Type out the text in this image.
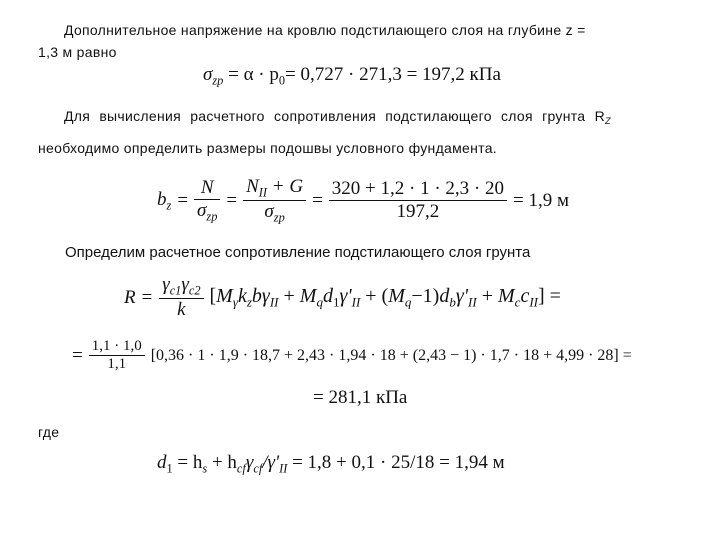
Дополнительное напряжение на кровлю подстилающего слоя на глубине z =
1,3 м равно
$\sigma_{zp} = \alpha \cdot p_0= 0,727 \cdot 271,3 = 197,2$ кПа
Для вычисления расчетного сопротивления подстилающего слоя грунта $R_Z$
необходимо определить размеры подошвы условного фундамента.
$b_z = \frac{N}{\sigma_{zp}} = \frac{N_{II} + G}{\sigma_{zp}} = \frac{320 + 1,2 \cdot 1 \cdot 2,3 \cdot 20}{197,2} = 1,9$ м
Определим расчетное сопротивление подстилающего слоя грунта
$R = \frac{\gamma_{c1}\gamma_{c2}}{k} [M_\gamma k_zb\gamma_{II} + M_qd_1\gamma'_{II} + (M_q-1)d_b\gamma'_{II} + M_cc_{II}]$ =
= $\frac{1,1 \cdot 1,0}{1,1} [0,36 \cdot 1 \cdot 1,9 \cdot 18,7 + 2,43 \cdot 1,94 \cdot 18 + (2,43 - 1) \cdot 1,7 \cdot 18 + 4,99 \cdot 28]$ =
= 281,1 кПа
где
$d_1 = h_s + h_{cf}\gamma_{cf}/\gamma'_{II} = 1,8 + 0,1 \cdot 25/18 = 1,94$ м
